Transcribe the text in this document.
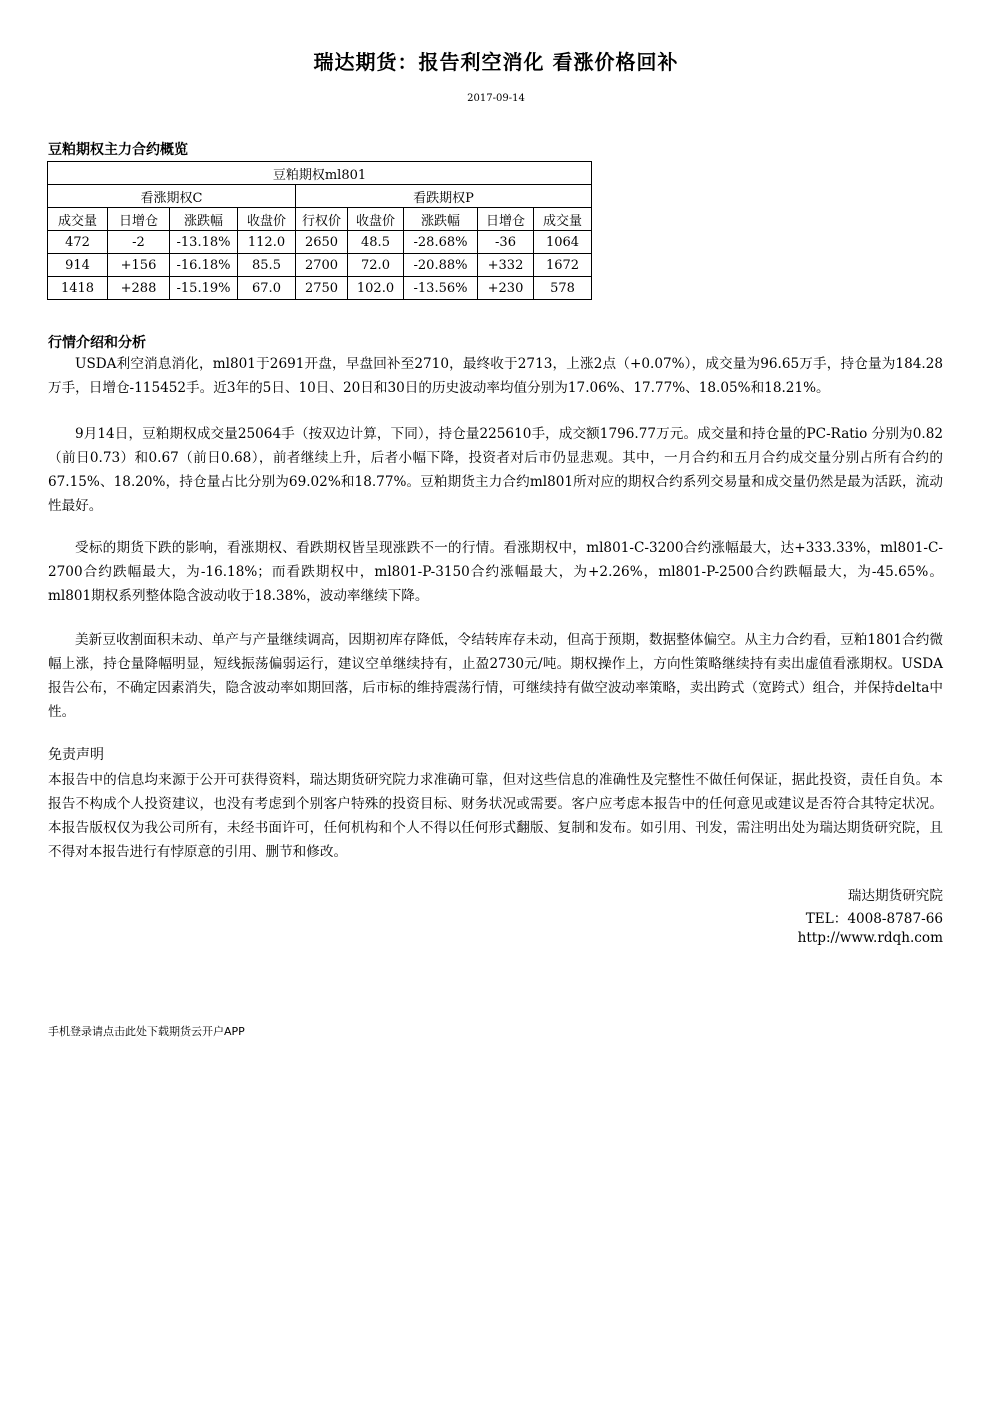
瑞达期货：报告利空消化 看涨价格回补
2017-09-14
豆粕期权主力合约概览
豆粕期权ml801								
看涨期权C				看跌期权P				
成交量	日增仓	涨跌幅	收盘价	行权价	收盘价	涨跌幅	日增仓	成交量
472	-2	-13.18%	112.0	2650	48.5	-28.68%	-36	1064
914	+156	-16.18%	85.5	2700	72.0	-20.88%	+332	1672
1418	+288	-15.19%	67.0	2750	102.0	-13.56%	+230	578
行情介绍和分析

USDA利空消息消化，ml801于2691开盘，早盘回补至2710，最终收于2713，上涨2点（+0.07%），成交量为96.65万手，持仓量为184.28万手，日增仓-115452手。近3年的5日、10日、20日和30日的历史波动率均值分别为17.06%、17.77%、18.05%和18.21%。

9月14日，豆粕期权成交量25064手（按双边计算，下同），持仓量225610手，成交额1796.77万元。成交量和持仓量的PC-Ratio 分别为0.82（前日0.73）和0.67（前日0.68），前者继续上升，后者小幅下降，投资者对后市仍显悲观。其中，一月合约和五月合约成交量分别占所有合约的67.15%、18.20%，持仓量占比分别为69.02%和18.77%。豆粕期货主力合约ml801所对应的期权合约系列交易量和成交量仍然是最为活跃，流动性最好。

受标的期货下跌的影响，看涨期权、看跌期权皆呈现涨跌不一的行情。看涨期权中，ml801-C-3200合约涨幅最大，达+333.33%，ml801-C-2700合约跌幅最大，为-16.18%；而看跌期权中，ml801-P-3150合约涨幅最大，为+2.26%，ml801-P-2500合约跌幅最大，为-45.65%。ml801期权系列整体隐含波动收于18.38%，波动率继续下降。

美新豆收割面积未动、单产与产量继续调高，因期初库存降低，令结转库存未动，但高于预期，数据整体偏空。从主力合约看，豆粕1801合约微幅上涨，持仓量降幅明显，短线振荡偏弱运行，建议空单继续持有，止盈2730元/吨。期权操作上，方向性策略继续持有卖出虚值看涨期权。USDA报告公布，不确定因素消失，隐含波动率如期回落，后市标的维持震荡行情，可继续持有做空波动率策略，卖出跨式（宽跨式）组合，并保持delta中性。

免责声明

本报告中的信息均来源于公开可获得资料，瑞达期货研究院力求准确可靠，但对这些信息的准确性及完整性不做任何保证，据此投资，责任自负。本报告不构成个人投资建议，也没有考虑到个别客户特殊的投资目标、财务状况或需要。客户应考虑本报告中的任何意见或建议是否符合其特定状况。本报告版权仅为我公司所有，未经书面许可，任何机构和个人不得以任何形式翻版、复制和发布。如引用、刊发，需注明出处为瑞达期货研究院，且不得对本报告进行有悖原意的引用、删节和修改。

瑞达期货研究院
TEL：4008-8787-66
http://www.rdqh.com
手机登录请点击此处下载期货云开户APP
